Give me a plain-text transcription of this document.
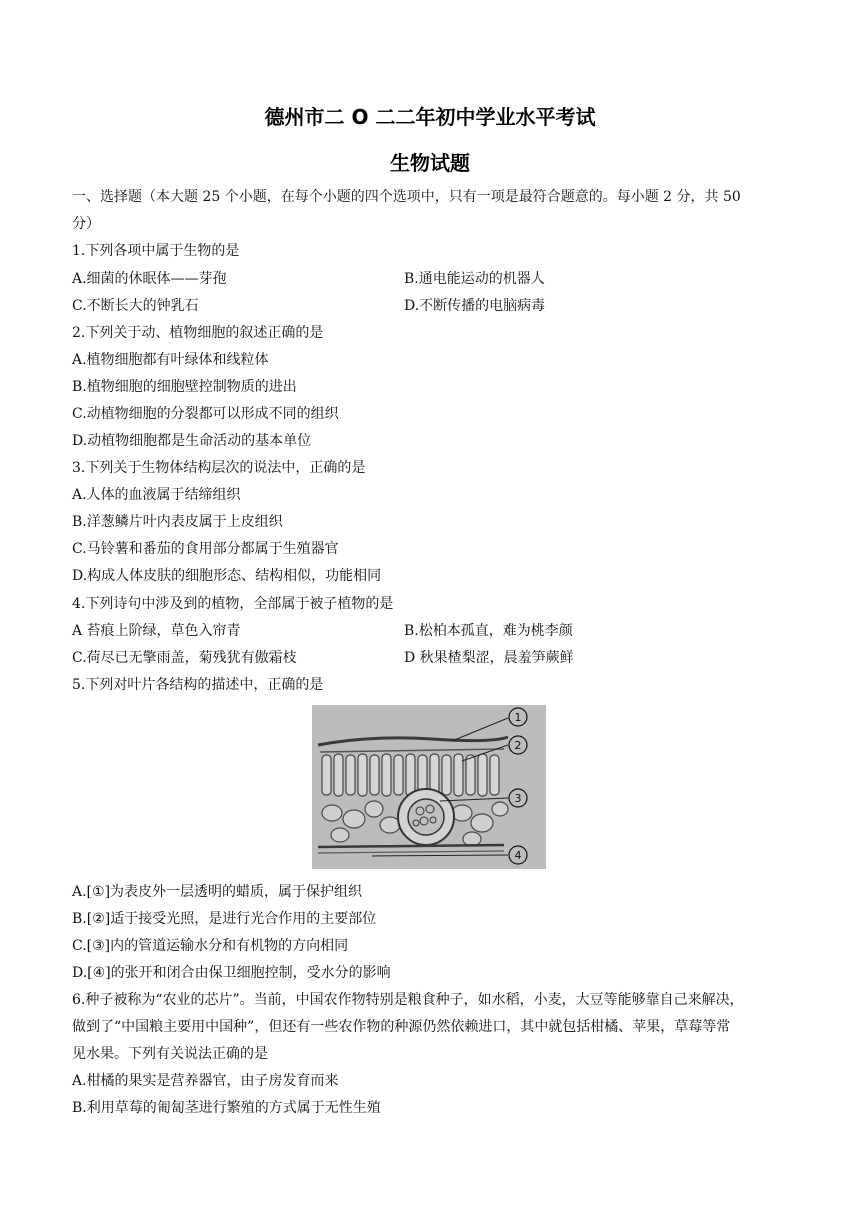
德州市二 O 二二年初中学业水平考试
生物试题
一、选择题（本大题 25 个小题，在每个小题的四个选项中，只有一项是最符合题意的。每小题 2 分，共 50
分）
1.下列各项中属于生物的是
A.细菌的休眠体——芽孢	B.通电能运动的机器人
C.不断长大的钟乳石	D.不断传播的电脑病毒
2.下列关于动、植物细胞的叙述正确的是
A.植物细胞都有叶绿体和线粒体
B.植物细胞的细胞壁控制物质的进出
C.动植物细胞的分裂都可以形成不同的组织
D.动植物细胞都是生命活动的基本单位
3.下列关于生物体结构层次的说法中，正确的是
A.人体的血液属于结缔组织
B.洋葱鳞片叶内表皮属于上皮组织
C.马铃薯和番茄的食用部分都属于生殖器官
D.构成人体皮肤的细胞形态、结构相似，功能相同
4.下列诗句中涉及到的植物，全部属于被子植物的是
A 苔痕上阶绿，草色入帘青	B.松柏本孤直，难为桃李颜
C.荷尽已无擎雨盖，菊残犹有傲霜枝	D 秋果楂梨涩，晨羞笋蕨鲜
5.下列对叶片各结构的描述中，正确的是
1
2
3
4
A.[①]为表皮外一层透明的蜡质，属于保护组织
B.[②]适于接受光照，是进行光合作用的主要部位
C.[③]内的管道运输水分和有机物的方向相同
D.[④]的张开和闭合由保卫细胞控制，受水分的影响
6.种子被称为“农业的芯片”。当前，中国农作物特别是粮食种子，如水稻，小麦，大豆等能够靠自己来解决，
做到了“中国粮主要用中国种”，但还有一些农作物的种源仍然依赖进口，其中就包括柑橘、苹果，草莓等常
见水果。下列有关说法正确的是
A.柑橘的果实是营养器官，由子房发育而来
B.利用草莓的匍匐茎进行繁殖的方式属于无性生殖
